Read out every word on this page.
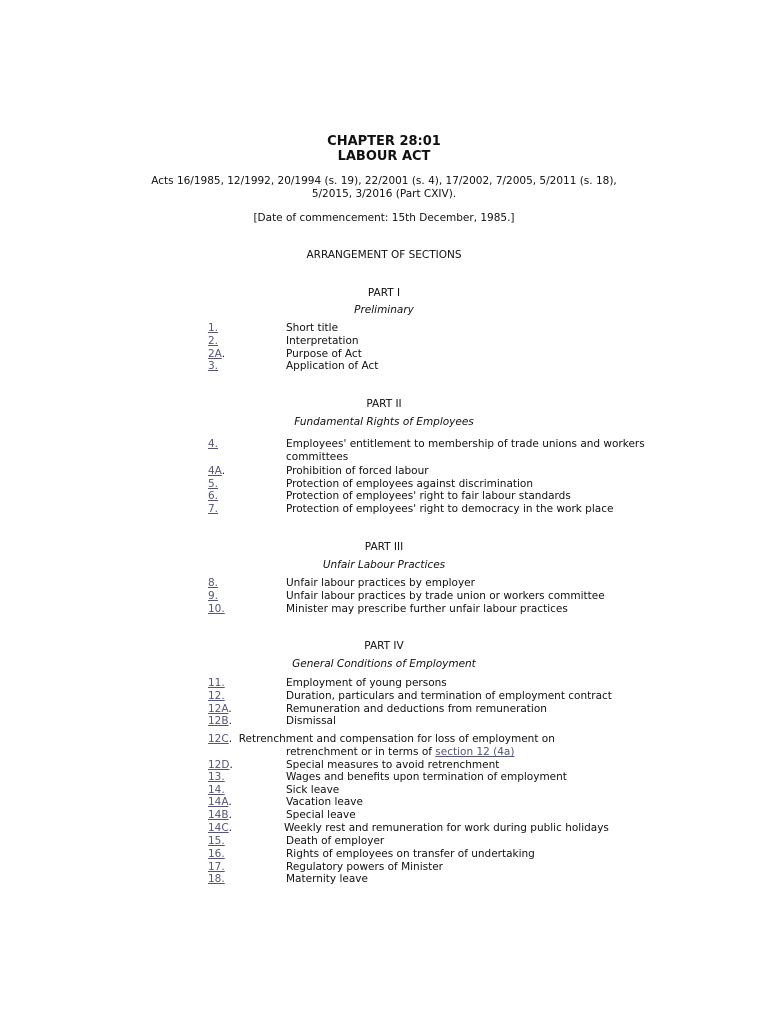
CHAPTER 28:01
LABOUR ACT
Acts 16/1985, 12/1992, 20/1994 (s. 19), 22/2001 (s. 4), 17/2002, 7/2005, 5/2011 (s. 18),
5/2015, 3/2016 (Part CXIV).
[Date of commencement: 15th December, 1985.]
ARRANGEMENT OF SECTIONS
PART I
Preliminary
1.	Short title
2.	Interpretation
2A.	Purpose of Act
3.	Application of Act
PART II
Fundamental Rights of Employees
4.	Employees' entitlement to membership of trade unions and workers committees
4A.	Prohibition of forced labour
5.	Protection of employees against discrimination
6.	Protection of employees' right to fair labour standards
7.	Protection of employees' right to democracy in the work place
PART III
Unfair Labour Practices
8.	Unfair labour practices by employer
9.	Unfair labour practices by trade union or workers committee
10.	Minister may prescribe further unfair labour practices
PART IV
General Conditions of Employment
11.	Employment of young persons
12.	Duration, particulars and termination of employment contract
12A.	Remuneration and deductions from remuneration
12B.	Dismissal
12C. Retrenchment and compensation for loss of employment on
retrenchment or in terms of section 12 (4a)
12D.	Special measures to avoid retrenchment
13.	Wages and benefits upon termination of employment
14.	Sick leave
14A.	Vacation leave
14B.	Special leave
14C.	Weekly rest and remuneration for work during public holidays
15.	Death of employer
16.	Rights of employees on transfer of undertaking
17.	Regulatory powers of Minister
18.	Maternity leave
